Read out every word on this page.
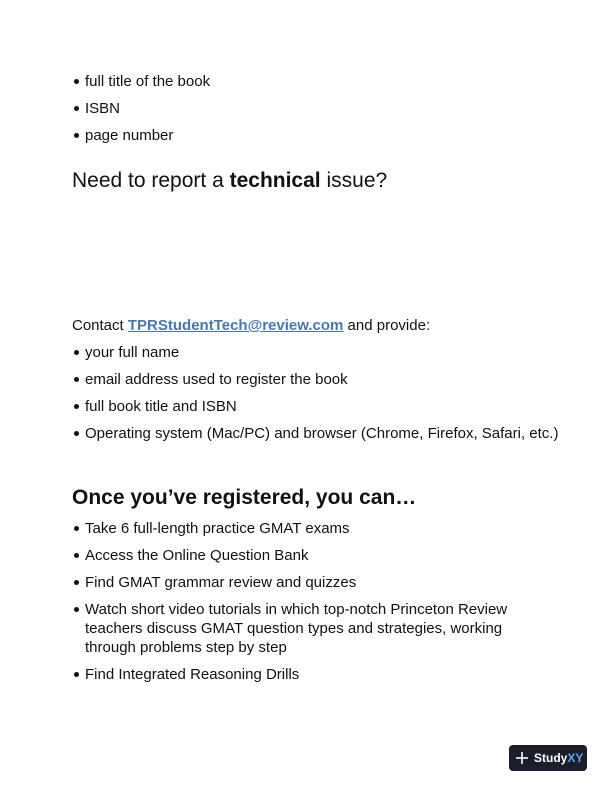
full title of the book
ISBN
page number
Need to report a technical issue?

Contact TPRStudentTech@review.com and provide:

your full name
email address used to register the book
full book title and ISBN
Operating system (Mac/PC) and browser (Chrome, Firefox, Safari, etc.)
Once you’ve registered, you can…
Take 6 full-length practice GMAT exams
Access the Online Question Bank
Find GMAT grammar review and quizzes
Watch short video tutorials in which top-notch Princeton Review teachers discuss GMAT question types and strategies, working through problems step by step
Find Integrated Reasoning Drills
Study XY
